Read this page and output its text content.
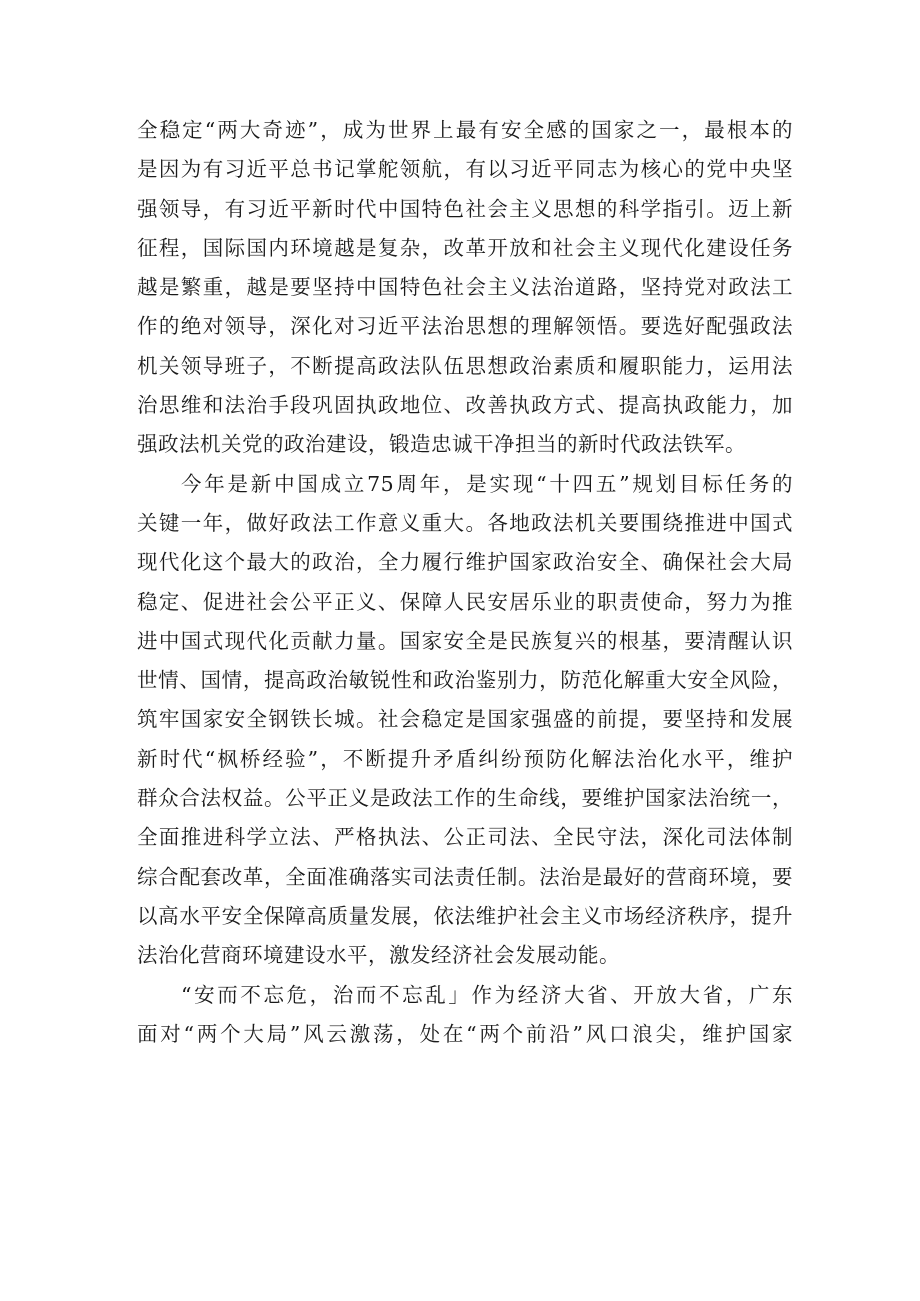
全稳定“两大奇迹”，成为世界上最有安全感的国家之一，最根本的
是因为有习近平总书记掌舵领航，有以习近平同志为核心的党中央坚
强领导，有习近平新时代中国特色社会主义思想的科学指引。迈上新
征程，国际国内环境越是复杂，改革开放和社会主义现代化建设任务
越是繁重，越是要坚持中国特色社会主义法治道路，坚持党对政法工
作的绝对领导，深化对习近平法治思想的理解领悟。要选好配强政法
机关领导班子，不断提高政法队伍思想政治素质和履职能力，运用法
治思维和法治手段巩固执政地位、改善执政方式、提高执政能力，加
强政法机关党的政治建设，锻造忠诚干净担当的新时代政法铁军。
今年是新中国成立75周年，是实现“十四五”规划目标任务的
关键一年，做好政法工作意义重大。各地政法机关要围绕推进中国式
现代化这个最大的政治，全力履行维护国家政治安全、确保社会大局
稳定、促进社会公平正义、保障人民安居乐业的职责使命，努力为推
进中国式现代化贡献力量。国家安全是民族复兴的根基，要清醒认识
世情、国情，提高政治敏锐性和政治鉴别力，防范化解重大安全风险，
筑牢国家安全钢铁长城。社会稳定是国家强盛的前提，要坚持和发展
新时代“枫桥经验”，不断提升矛盾纠纷预防化解法治化水平，维护
群众合法权益。公平正义是政法工作的生命线，要维护国家法治统一，
全面推进科学立法、严格执法、公正司法、全民守法，深化司法体制
综合配套改革，全面准确落实司法责任制。法治是最好的营商环境，要
以高水平安全保障高质量发展，依法维护社会主义市场经济秩序，提升
法治化营商环境建设水平，激发经济社会发展动能。
“安而不忘危，治而不忘乱」作为经济大省、开放大省，广东
面对“两个大局”风云激荡，处在“两个前沿”风口浪尖，维护国家
